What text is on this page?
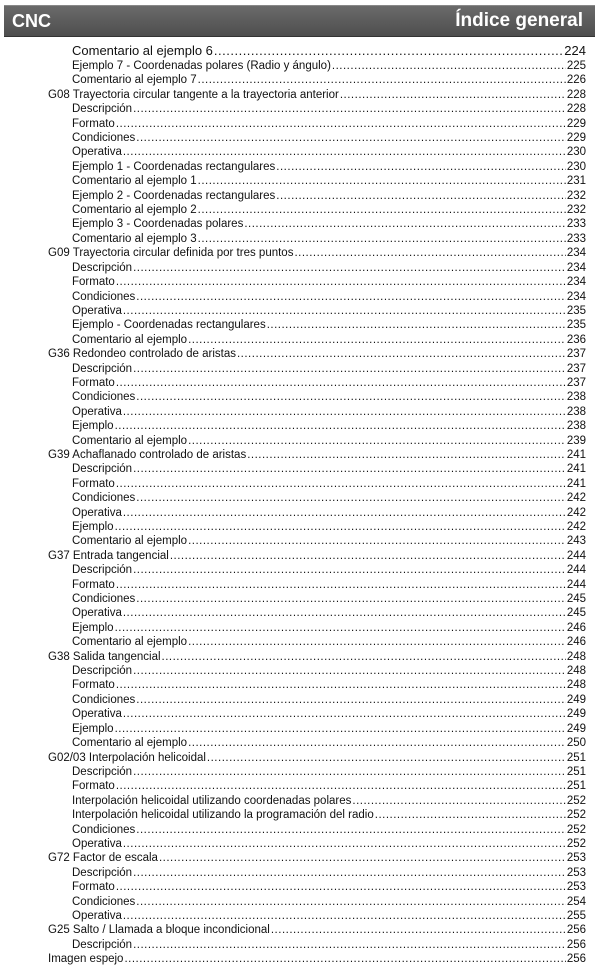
CNC	Índice general
Comentario al ejemplo 6 .....	224
Ejemplo 7 - Coordenadas polares (Radio y ángulo) .....	225
Comentario al ejemplo 7 .....	226
G08 Trayectoria circular tangente a la trayectoria anterior .....	228
Descripción .....	228
Formato .....	229
Condiciones .....	229
Operativa .....	230
Ejemplo 1 - Coordenadas rectangulares .....	230
Comentario al ejemplo 1 .....	231
Ejemplo 2 - Coordenadas rectangulares .....	232
Comentario al ejemplo 2 .....	232
Ejemplo 3 - Coordenadas polares .....	233
Comentario al ejemplo 3 .....	233
G09 Trayectoria circular definida por tres puntos .....	234
Descripción .....	234
Formato .....	234
Condiciones .....	234
Operativa .....	235
Ejemplo - Coordenadas rectangulares .....	235
Comentario al ejemplo .....	236
G36 Redondeo controlado de aristas .....	237
Descripción .....	237
Formato .....	237
Condiciones .....	238
Operativa .....	238
Ejemplo .....	238
Comentario al ejemplo .....	239
G39 Achaflanado controlado de aristas .....	241
Descripción .....	241
Formato .....	241
Condiciones .....	242
Operativa .....	242
Ejemplo .....	242
Comentario al ejemplo .....	243
G37 Entrada tangencial .....	244
Descripción .....	244
Formato .....	244
Condiciones .....	245
Operativa .....	245
Ejemplo .....	246
Comentario al ejemplo .....	246
G38 Salida tangencial .....	248
Descripción .....	248
Formato .....	248
Condiciones .....	249
Operativa .....	249
Ejemplo .....	249
Comentario al ejemplo .....	250
G02/03 Interpolación helicoidal .....	251
Descripción .....	251
Formato .....	251
Interpolación helicoidal utilizando coordenadas polares .....	252
Interpolación helicoidal utilizando la programación del radio .....	252
Condiciones .....	252
Operativa .....	252
G72 Factor de escala .....	253
Descripción .....	253
Formato .....	253
Condiciones .....	254
Operativa .....	255
G25 Salto / Llamada a bloque incondicional .....	256
Descripción .....	256
Imagen espejo .....	256
